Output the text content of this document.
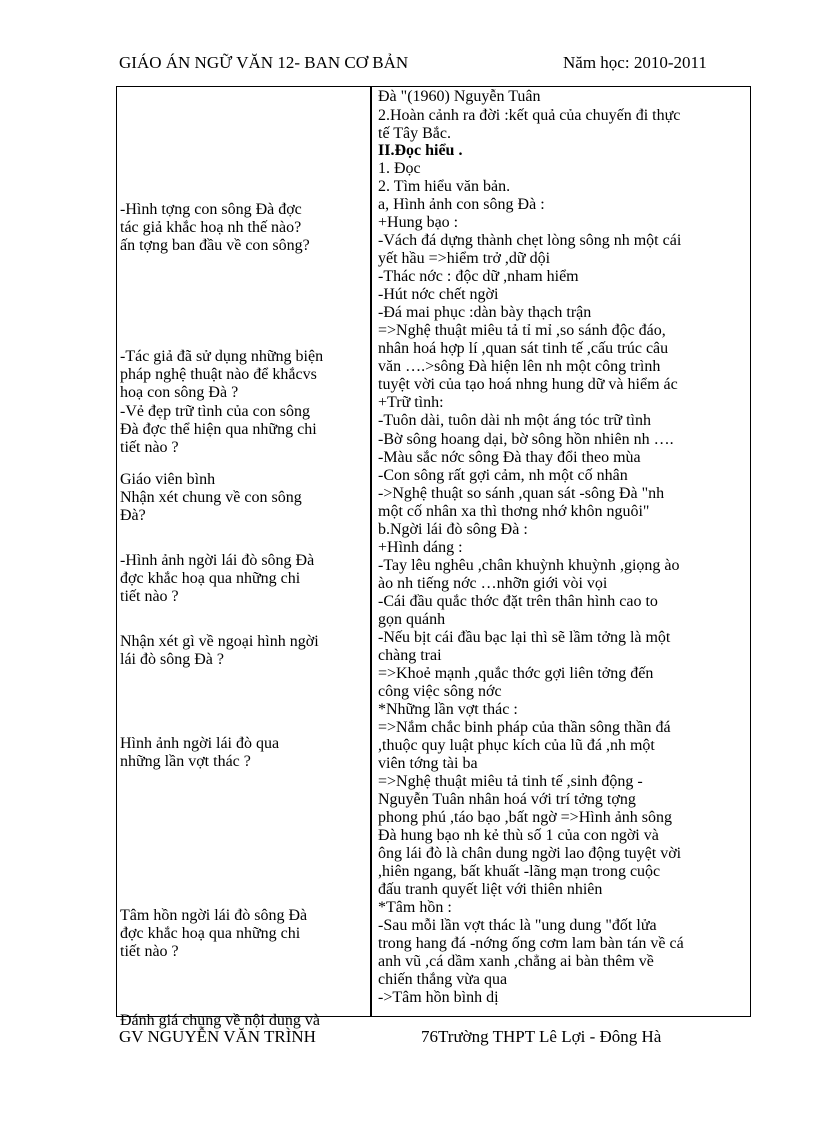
GIÁO ÁN NGỮ VĂN 12- BAN CƠ BẢN	Năm học: 2010-2011
-Hình tợng con sông Đà đợc
tác giả khắc hoạ nh thế nào?
ấn tợng ban đầu về con sông?
-Tác giả đã sử dụng những biện
pháp nghệ thuật nào để khắcvs
hoạ con sông Đà ?
-Vẻ đẹp trữ tình của con sông
Đà đợc thể hiện qua những chi
tiết nào ?
Giáo viên bình
Nhận xét chung về con sông
Đà?
-Hình ảnh ngời lái đò sông Đà
đợc khắc hoạ qua những chi
tiết nào ?
Nhận xét gì về ngoại hình ngời
lái đò sông Đà ?
Hình ảnh ngời lái đò qua
những lần vợt thác ?
Tâm hồn ngời lái đò sông Đà
đợc khắc hoạ qua những chi
tiết nào ?
Đánh giá chung về nội dung và
Đà "(1960) Nguyễn Tuân
2.Hoàn cảnh ra đời :kết quả của chuyến đi thực
tế Tây Bắc.
II.Đọc hiểu .
1. Đọc
2. Tìm hiểu văn bản.
a, Hình ảnh con sông Đà :
+Hung bạo :
-Vách đá dựng thành chẹt lòng sông nh một cái
yết hầu =>hiểm trở ,dữ dội
-Thác nớc : độc dữ ,nham hiểm
-Hút nớc chết ngời
-Đá mai phục :dàn bày thạch trận
=>Nghệ thuật miêu tả tỉ mỉ ,so sánh độc đáo,
nhân hoá hợp lí ,quan sát tinh tế ,cấu trúc câu
văn ….>sông Đà hiện lên nh một công trình
tuyệt vời của tạo hoá nhng hung dữ và hiểm ác
+Trữ tình:
-Tuôn dài, tuôn dài nh một áng tóc trữ tình
-Bờ sông hoang dại, bờ sông hồn nhiên nh ….
-Màu sắc nớc sông Đà thay đổi theo mùa
-Con sông rất gợi cảm, nh một cố nhân
->Nghệ thuật so sánh ,quan sát -sông Đà "nh
một cố nhân xa thì thơng nhớ khôn nguôi"
b.Ngời lái đò sông Đà :
+Hình dáng :
-Tay lêu nghêu ,chân khuỳnh khuỳnh ,giọng ào
ào nh tiếng nớc …nhỡn giới vòi vọi
-Cái đầu quắc thớc đặt trên thân hình cao to
gọn quánh
-Nếu bịt cái đầu bạc lại thì sẽ lầm tởng là một
chàng trai
=>Khoẻ mạnh ,quắc thớc gợi liên tởng đến
công việc sông nớc
*Những lần vợt thác :
=>Nắm chắc binh pháp của thần sông thần đá
,thuộc quy luật phục kích của lũ đá ,nh một
viên tớng tài ba
=>Nghệ thuật miêu tả tinh tế ,sinh động -
Nguyễn Tuân nhân hoá với trí tởng tợng
phong phú ,táo bạo ,bất ngờ =>Hình ảnh sông
Đà hung bạo nh kẻ thù số 1 của con ngời và
ông lái đò là chân dung ngời lao động tuyệt vời
,hiên ngang, bất khuất -lãng mạn trong cuộc
đấu tranh quyết liệt với thiên nhiên
*Tâm hồn :
-Sau mỗi lần vợt thác là "ung dung "đốt lửa
trong hang đá -nớng ống cơm lam bàn tán về cá
anh vũ ,cá dầm xanh ,chẳng ai bàn thêm về
chiến thắng vừa qua
->Tâm hồn bình dị
GV NGUYỄN VĂN TRÌNH	76Trường THPT Lê Lợi - Đông Hà
